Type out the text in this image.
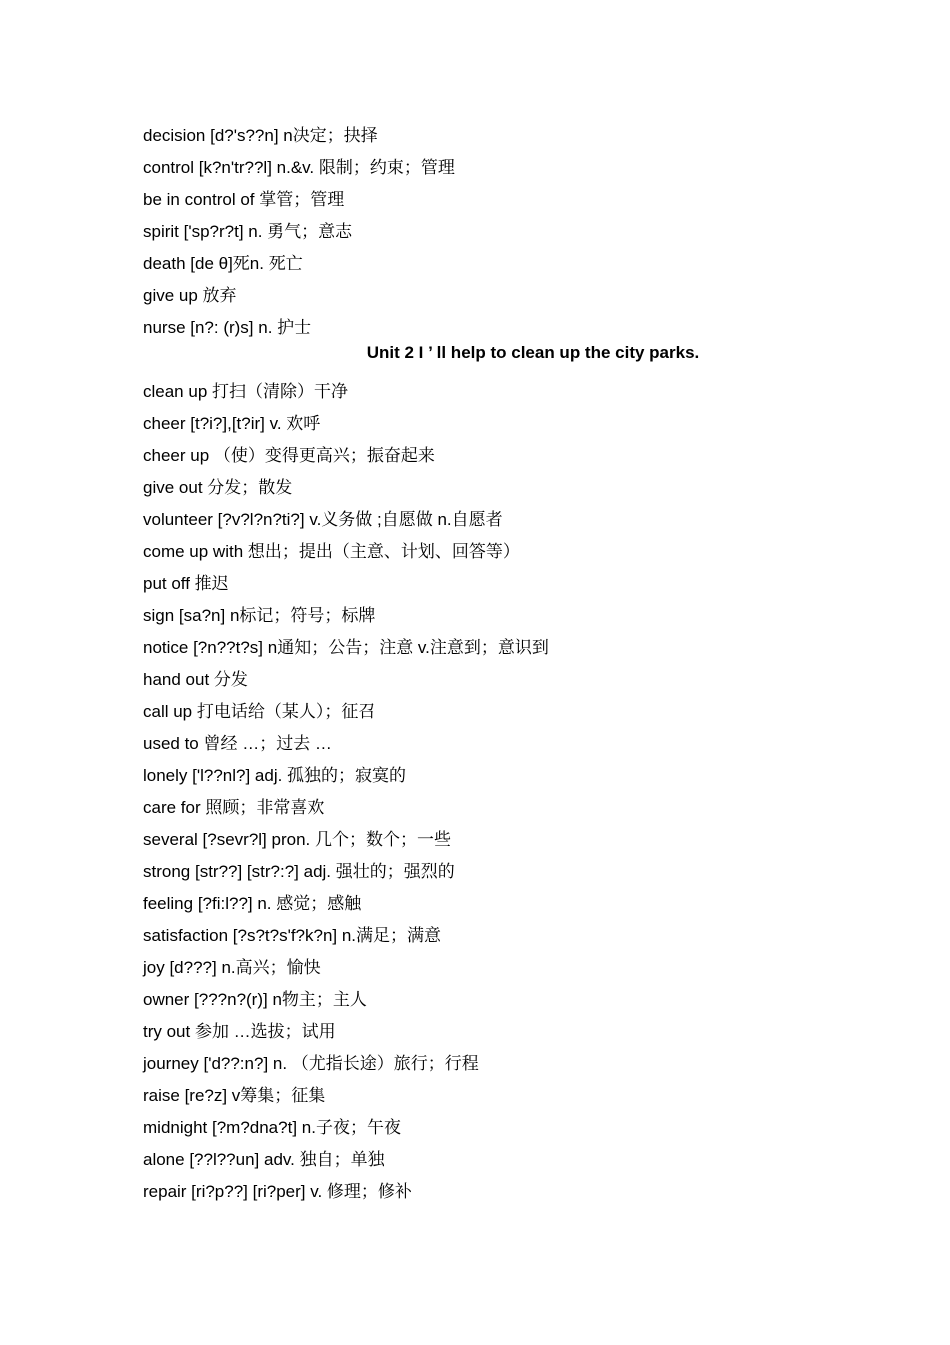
decision [d?'s??n] n决定；抉择
control [k?n'tr??l] n.&v. 限制；约束；管理
be in control of 掌管；管理
spirit ['sp?r?t] n. 勇气；意志
death [de θ]死n. 死亡
give up 放弃
nurse [n?: (r)s] n. 护士
Unit 2 I ’ ll help to clean up the city parks.
clean up 打扫（清除）干净
cheer [t?i?],[t?ir] v. 欢呼
cheer up （使）变得更高兴；振奋起来
give out 分发；散发
volunteer [?v?l?n?ti?] v.义务做 ;自愿做 n.自愿者
come up with 想出；提出（主意、计划、回答等）
put off 推迟
sign [sa?n] n标记；符号；标牌
notice [?n??t?s] n通知；公告；注意 v.注意到；意识到
hand out 分发
call up 打电话给（某人）；征召
used to 曾经 …；过去 …
lonely ['l??nl?] adj. 孤独的；寂寞的
care for 照顾；非常喜欢
several [?sevr?l] pron. 几个；数个；一些
strong [str??] [str?:?] adj. 强壮的；强烈的
feeling [?fi:l??] n. 感觉；感触
satisfaction [?s?t?s'f?k?n] n.满足；满意
joy [d???] n.高兴；愉快
owner [???n?(r)] n物主；主人
try out 参加 …选拔；试用
journey ['d??:n?] n. （尤指长途）旅行；行程
raise [re?z] v筹集；征集
midnight [?m?dna?t] n.子夜；午夜
alone [??l??un] adv. 独自；单独
repair [ri?p??] [ri?per] v. 修理；修补
